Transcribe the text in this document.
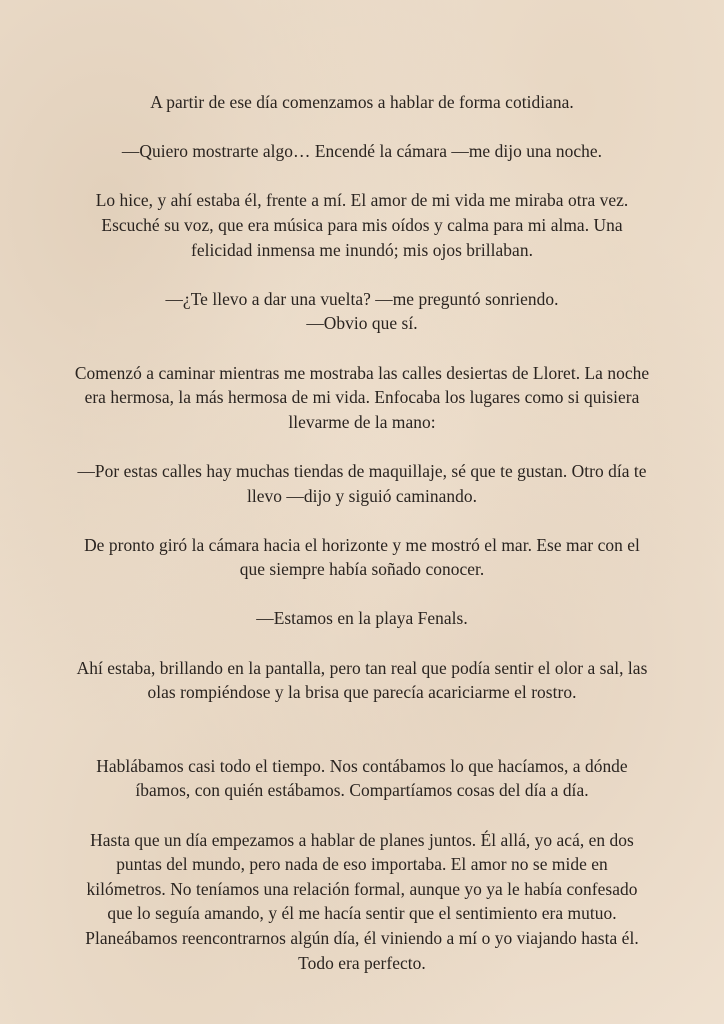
A partir de ese día comenzamos a hablar de forma cotidiana.

—Quiero mostrarte algo… Encendé la cámara —me dijo una noche.

Lo hice, y ahí estaba él, frente a mí. El amor de mi vida me miraba otra vez.
Escuché su voz, que era música para mis oídos y calma para mi alma. Una
felicidad inmensa me inundó; mis ojos brillaban.

—¿Te llevo a dar una vuelta? —me preguntó sonriendo.
—Obvio que sí.

Comenzó a caminar mientras me mostraba las calles desiertas de Lloret. La noche
era hermosa, la más hermosa de mi vida. Enfocaba los lugares como si quisiera
llevarme de la mano:

—Por estas calles hay muchas tiendas de maquillaje, sé que te gustan. Otro día te
llevo —dijo y siguió caminando.

De pronto giró la cámara hacia el horizonte y me mostró el mar. Ese mar con el
que siempre había soñado conocer.

—Estamos en la playa Fenals.

Ahí estaba, brillando en la pantalla, pero tan real que podía sentir el olor a sal, las
olas rompiéndose y la brisa que parecía acariciarme el rostro.

Hablábamos casi todo el tiempo. Nos contábamos lo que hacíamos, a dónde
íbamos, con quién estábamos. Compartíamos cosas del día a día.

Hasta que un día empezamos a hablar de planes juntos. Él allá, yo acá, en dos
puntas del mundo, pero nada de eso importaba. El amor no se mide en
kilómetros. No teníamos una relación formal, aunque yo ya le había confesado
que lo seguía amando, y él me hacía sentir que el sentimiento era mutuo.
Planeábamos reencontrarnos algún día, él viniendo a mí o yo viajando hasta él.
Todo era perfecto.
